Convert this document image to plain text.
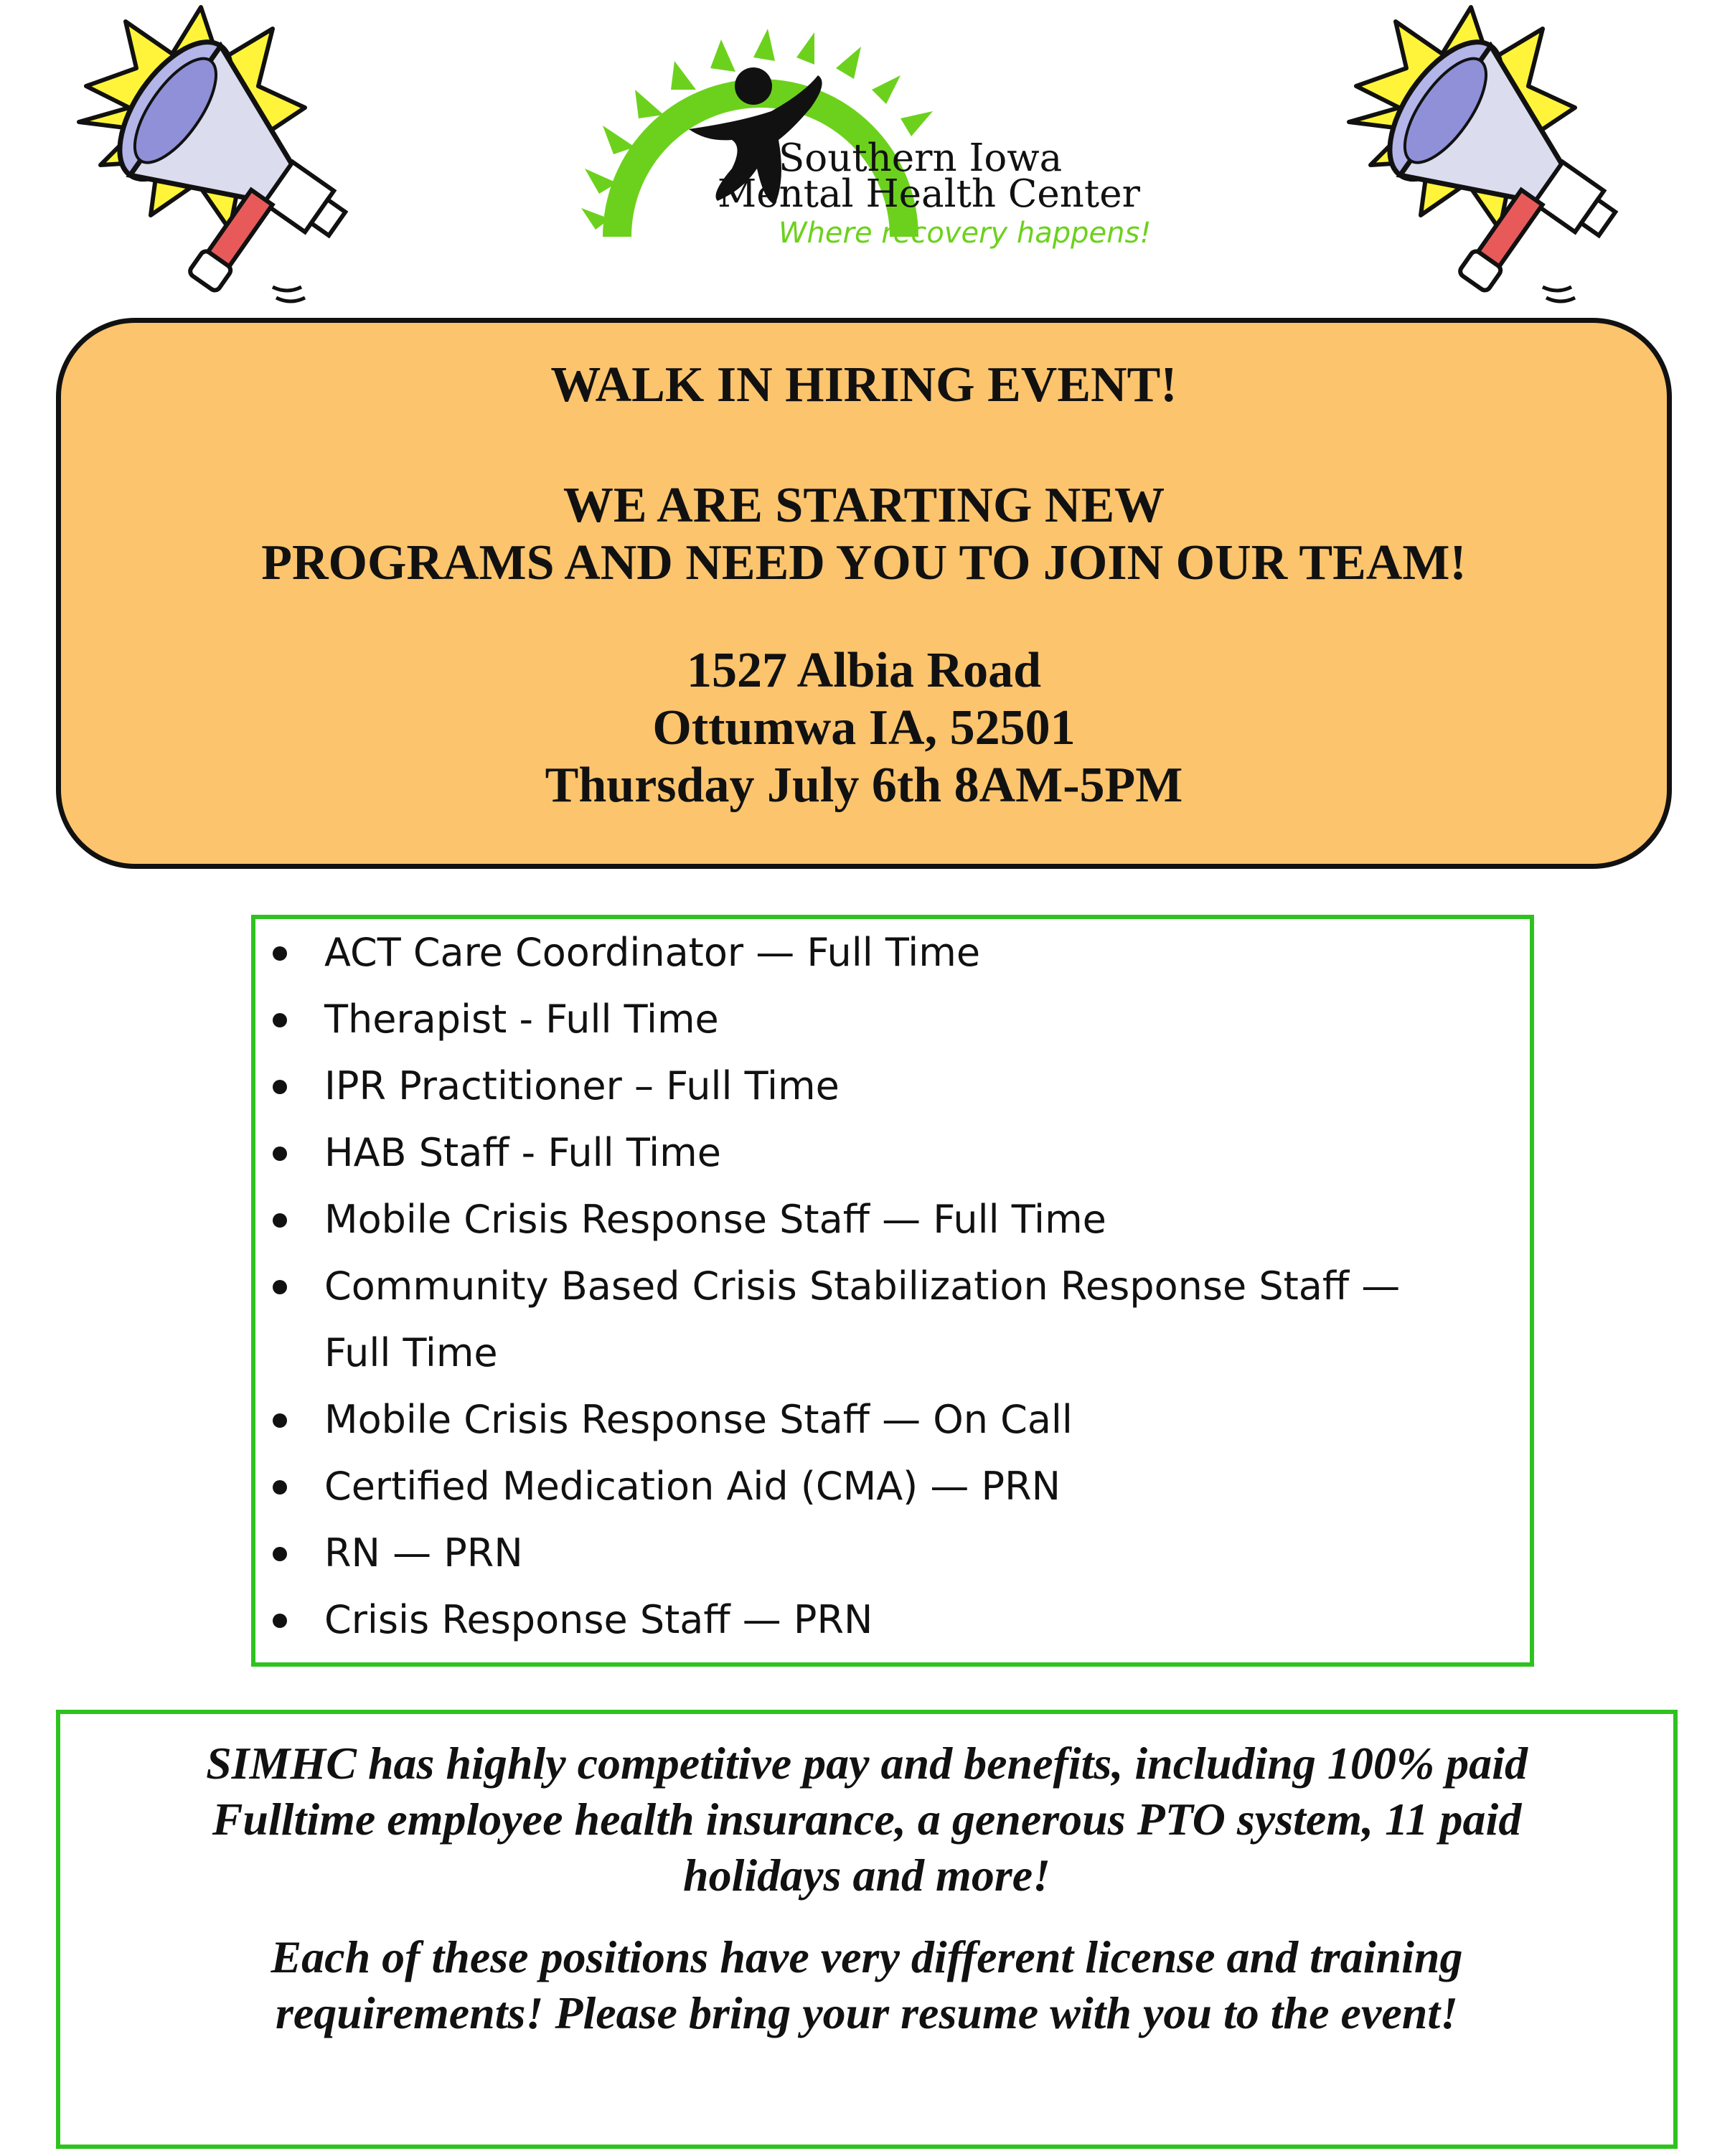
Southern Iowa
Mental Health Center
Where recovery happens!
WALK IN HIRING EVENT!
WE ARE STARTING NEW
PROGRAMS AND NEED YOU TO JOIN OUR TEAM!
1527 Albia Road
Ottumwa IA, 52501
Thursday July 6th 8AM-5PM
ACT Care Coordinator — Full Time
Therapist - Full Time
IPR Practitioner – Full Time
HAB Staff - Full Time
Mobile Crisis Response Staff — Full Time
Community Based Crisis Stabilization Response Staff —
Full Time
Mobile Crisis Response Staff — On Call
Certified Medication Aid (CMA) — PRN
RN — PRN
Crisis Response Staff — PRN
SIMHC has highly competitive pay and benefits, including 100% paid
Fulltime employee health insurance, a generous PTO system, 11 paid
holidays and more!
Each of these positions have very different license and training
requirements! Please bring your resume with you to the event!
